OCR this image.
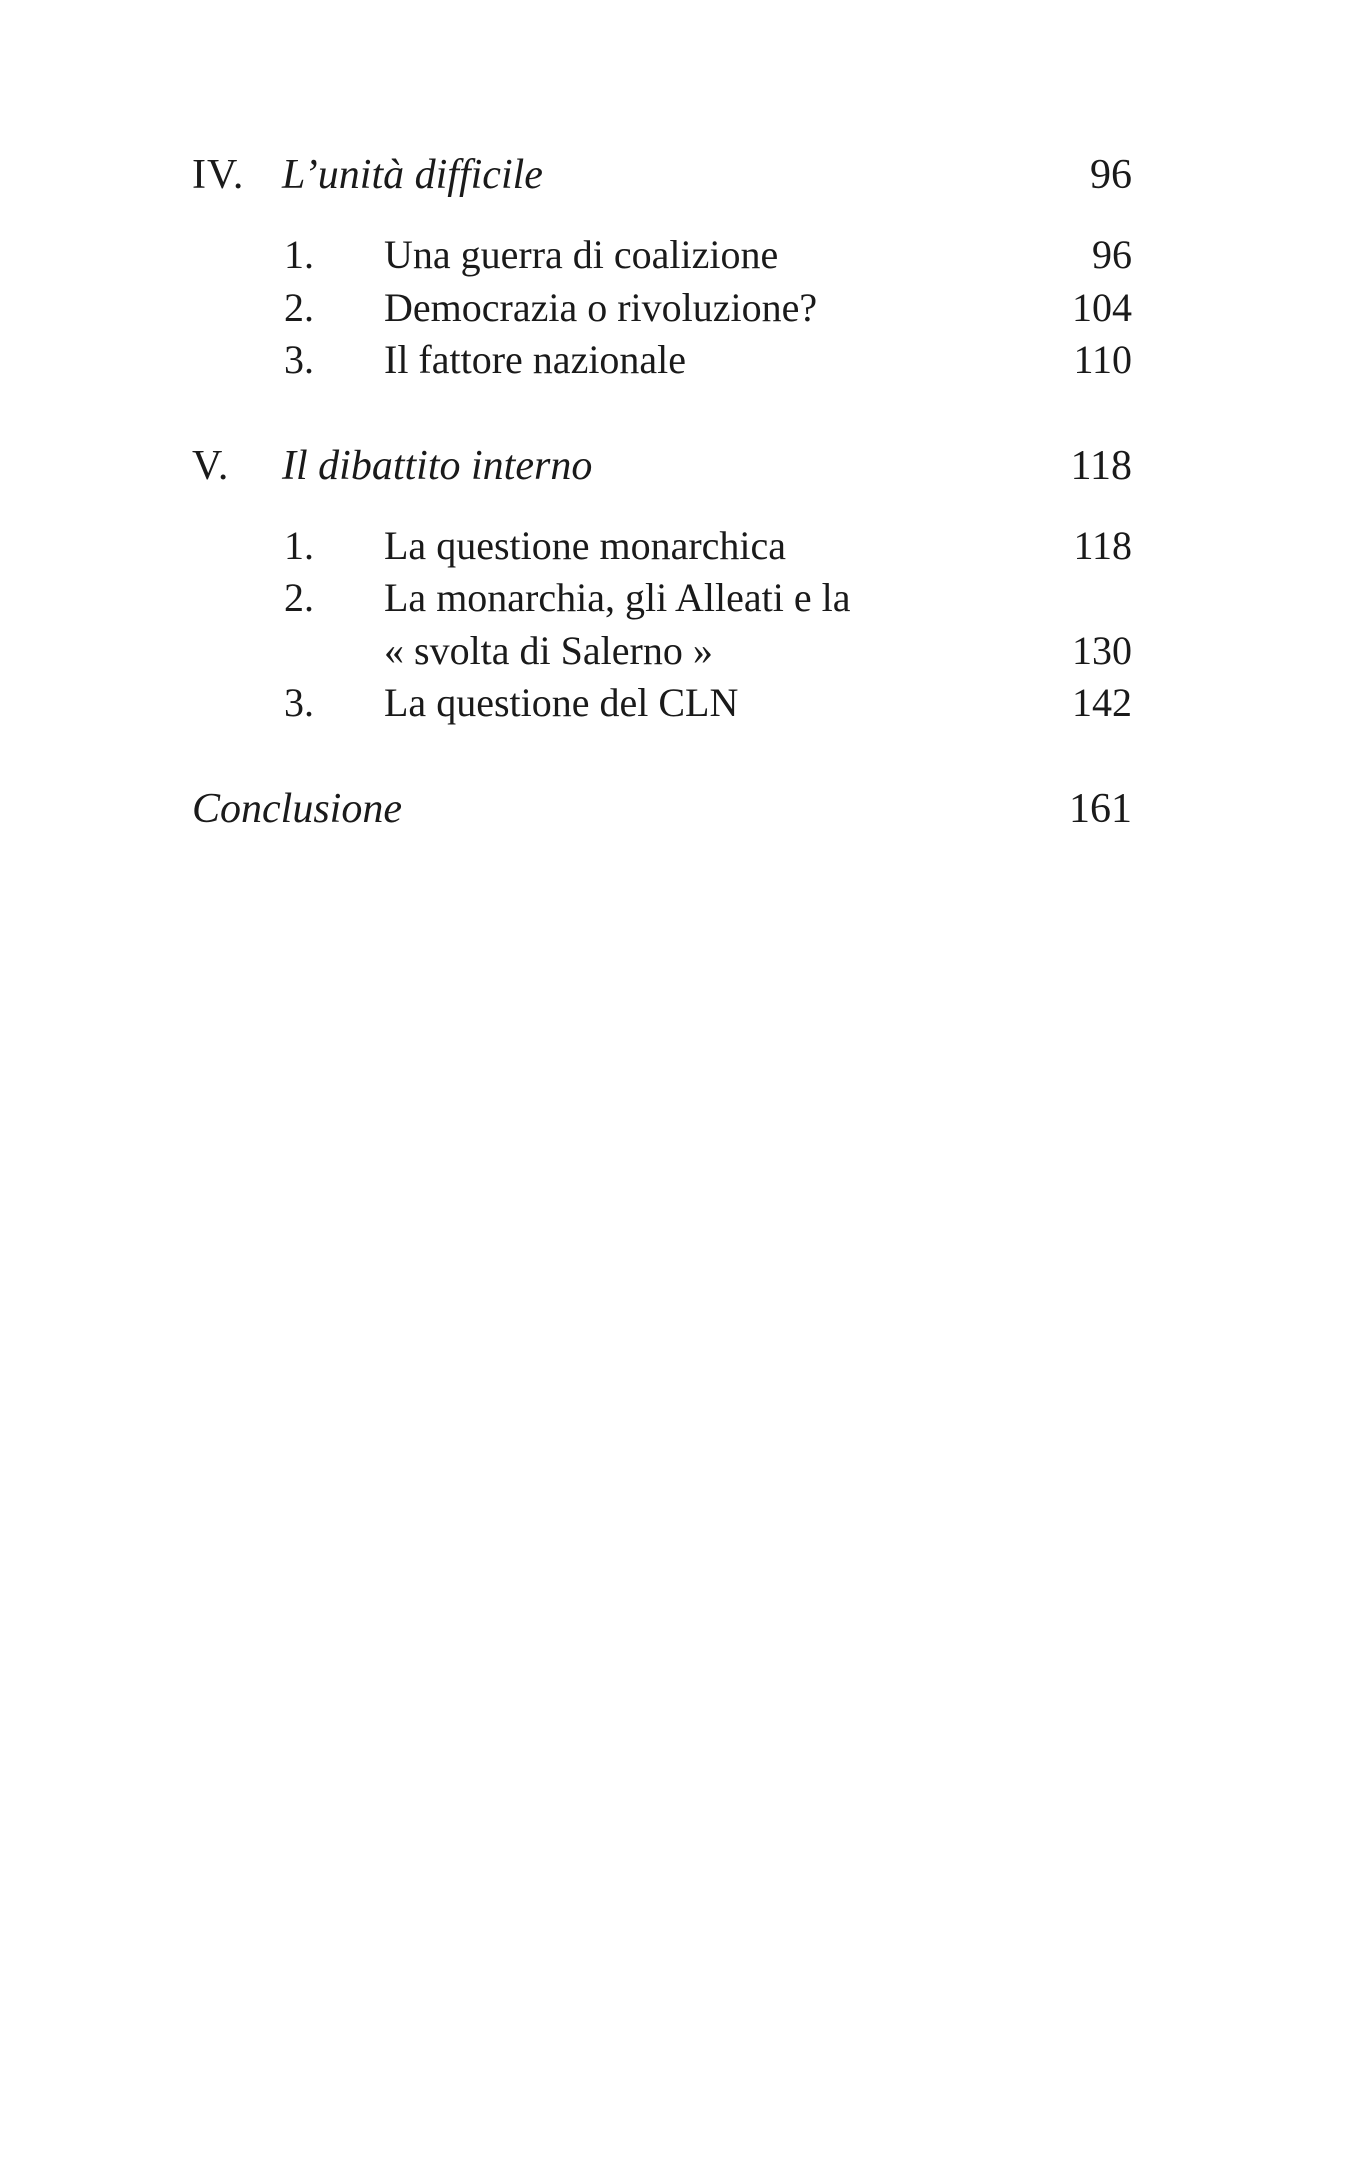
IV. L’unità difficile	96
1.	Una guerra di coalizione	96
2.	Democrazia o rivoluzione?	104
3.	Il fattore nazionale	110
V.	Il dibattito interno	118
1.	La questione monarchica	118
2.	La monarchia, gli Alleati e la
« svolta di Salerno »	130
3.	La questione del CLN	142
Conclusione	161
